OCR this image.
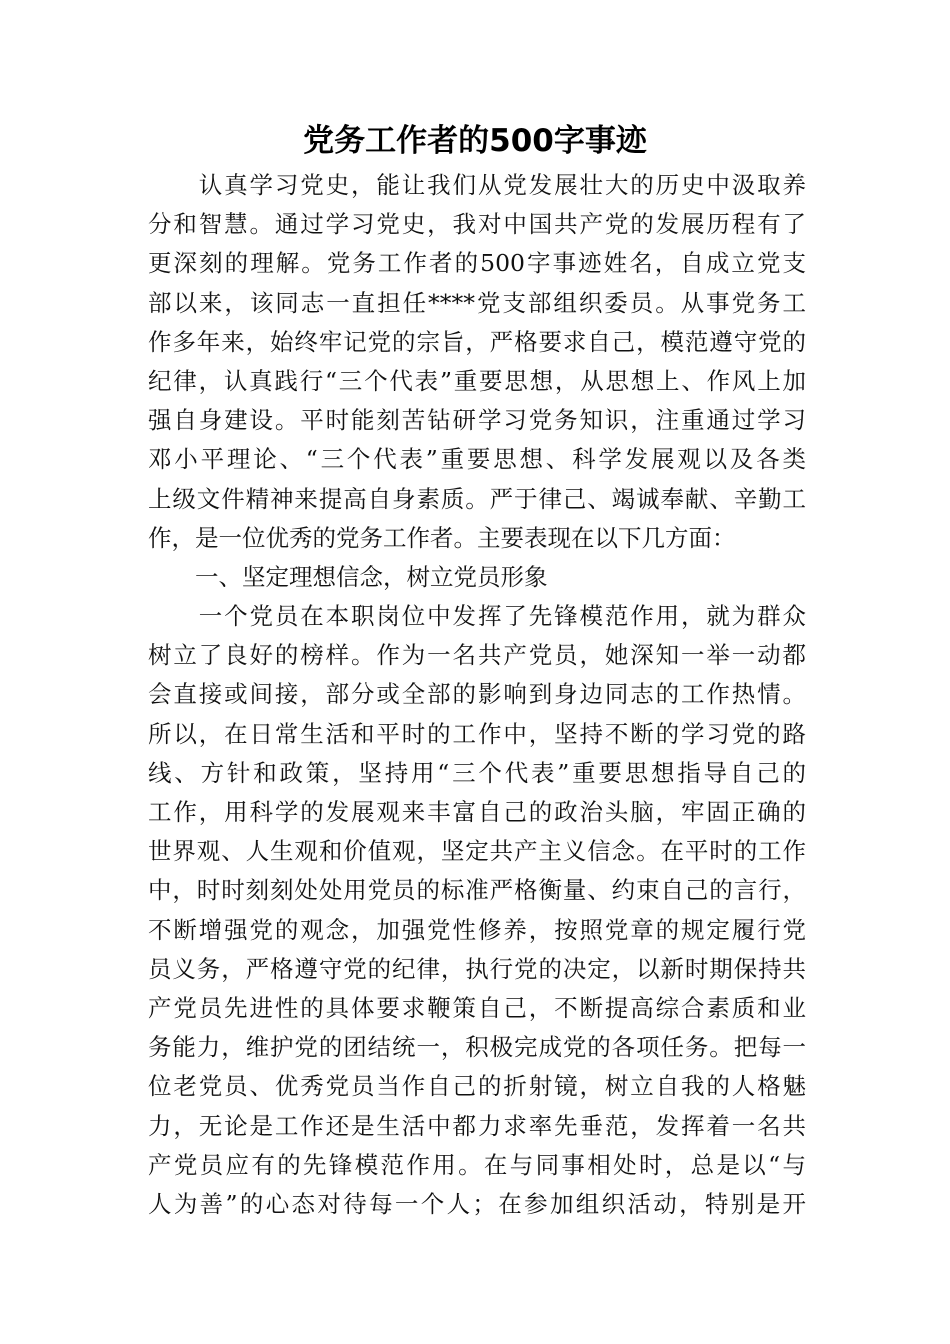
党务工作者的500字事迹
　　认真学习党史，能让我们从党发展壮大的历史中汲取养
分和智慧。通过学习党史，我对中国共产党的发展历程有了
更深刻的理解。党务工作者的500字事迹姓名，自成立党支
部以来，该同志一直担任****党支部组织委员。从事党务工
作多年来，始终牢记党的宗旨，严格要求自己，模范遵守党的
纪律，认真践行“三个代表”重要思想，从思想上、作风上加
强自身建设。平时能刻苦钻研学习党务知识，注重通过学习
邓小平理论、“三个代表”重要思想、科学发展观以及各类
上级文件精神来提高自身素质。严于律己、竭诚奉献、辛勤工
作，是一位优秀的党务工作者。主要表现在以下几方面：
　　一、坚定理想信念，树立党员形象
　　一个党员在本职岗位中发挥了先锋模范作用，就为群众
树立了良好的榜样。作为一名共产党员，她深知一举一动都
会直接或间接，部分或全部的影响到身边同志的工作热情。
所以，在日常生活和平时的工作中，坚持不断的学习党的路
线、方针和政策，坚持用“三个代表”重要思想指导自己的
工作，用科学的发展观来丰富自己的政治头脑，牢固正确的
世界观、人生观和价值观，坚定共产主义信念。在平时的工作
中，时时刻刻处处用党员的标准严格衡量、约束自己的言行，
不断增强党的观念，加强党性修养，按照党章的规定履行党
员义务，严格遵守党的纪律，执行党的决定，以新时期保持共
产党员先进性的具体要求鞭策自己，不断提高综合素质和业
务能力，维护党的团结统一，积极完成党的各项任务。把每一
位老党员、优秀党员当作自己的折射镜，树立自我的人格魅
力，无论是工作还是生活中都力求率先垂范，发挥着一名共
产党员应有的先锋模范作用。在与同事相处时，总是以“与
人为善”的心态对待每一个人；在参加组织活动，特别是开
